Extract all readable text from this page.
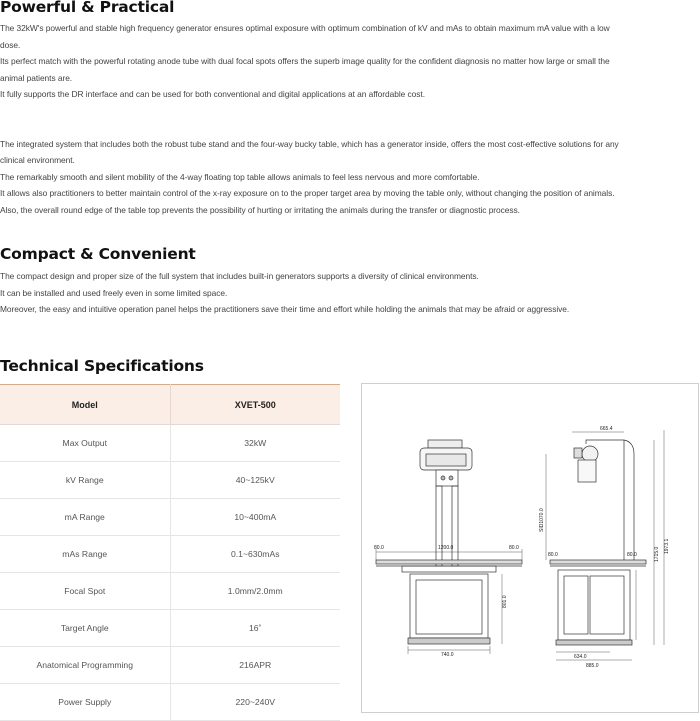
Powerful & Practical

The 32kW's powerful and stable high frequency generator ensures optimal exposure with optimum combination of kV and mAs to obtain maximum mA value with a low

dose.

Its perfect match with the powerful rotating anode tube with dual focal spots offers the superb image quality for the confident diagnosis no matter how large or small the

animal patients are.

It fully supports the DR interface and can be used for both conventional and digital applications at an affordable cost.

The integrated system that includes both the robust tube stand and the four-way bucky table, which has a generator inside, offers the most cost-effective solutions for any

clinical environment.

The remarkably smooth and silent mobility of the 4-way floating top table allows animals to feel less nervous and more comfortable.

It allows also practitioners to better maintain control of the x-ray exposure on to the proper target area by moving the table only, without changing the position of animals.

Also, the overall round edge of the table top prevents the possibility of hurting or irritating the animals during the transfer or diagnostic process.

Compact & Convenient

The compact design and proper size of the full system that includes built-in generators supports a diversity of clinical environments.

It can be installed and used freely even in some limited space.

Moreover, the easy and intuitive operation panel helps the practitioners save their time and effort while holding the animals that may be afraid or aggressive.

Technical Specifications
Model	XVET-500
Max Output	32kW
kV Range	40~125kV
mA Range	10~400mA
mAs Range	0.1~630mAs
Focal Spot	1.0mm/2.0mm
Target Angle	16˚
Anatomical Programming	216APR
Power Supply	220~240V
80.0	1200.0	80.0
801.0
740.0
665.4
SID1070.0
80.0	80.0	1715.0
1973.1
634.0
885.0
